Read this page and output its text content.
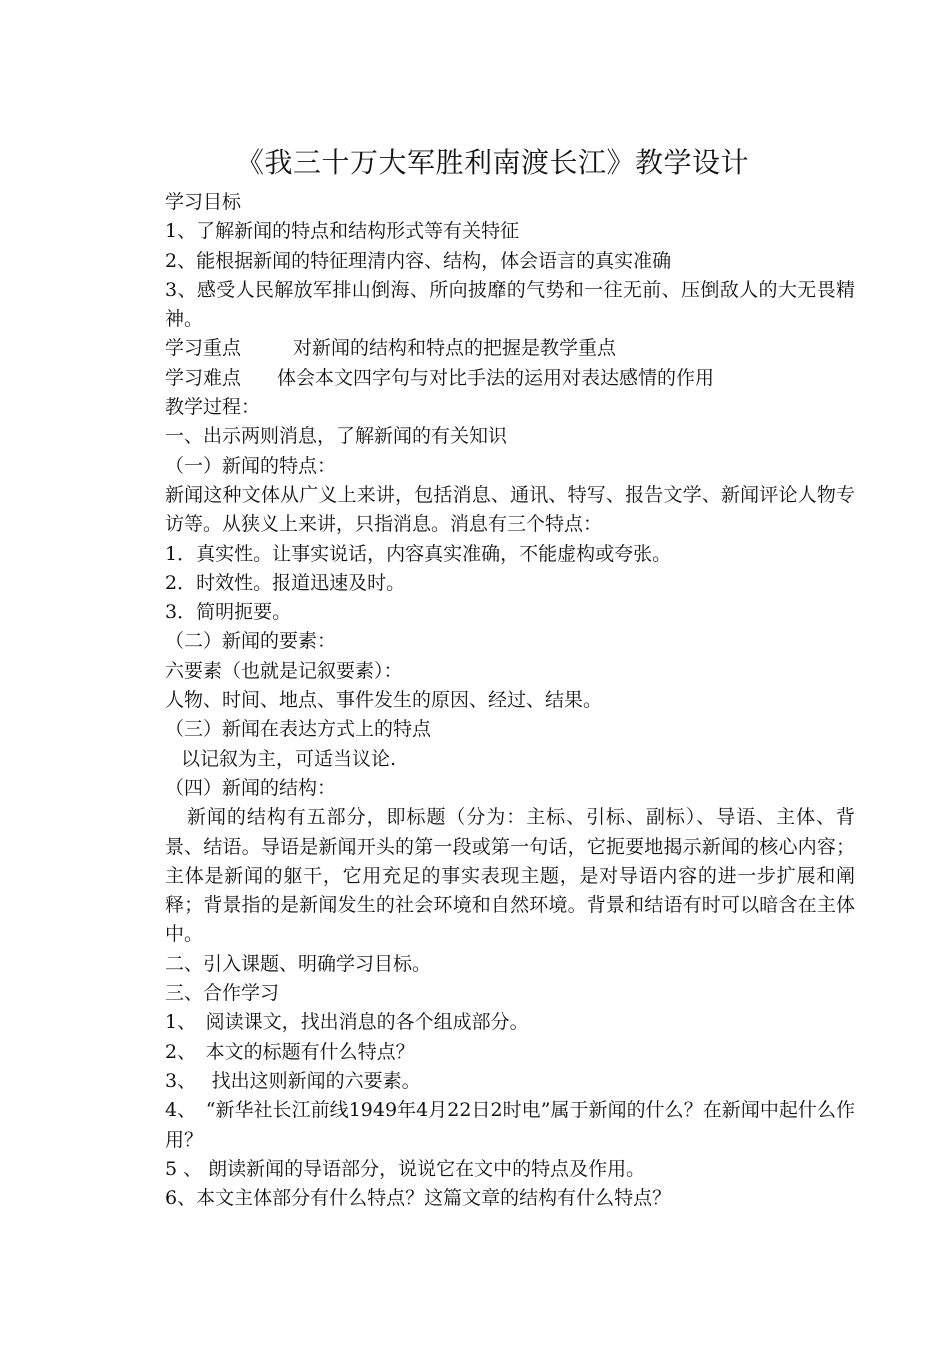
《我三十万大军胜利南渡长江》教学设计
学习目标
1、了解新闻的特点和结构形式等有关特征
2、能根据新闻的特征理清内容、结构，体会语言的真实准确
3、感受人民解放军排山倒海、所向披靡的气势和一往无前、压倒敌人的大无畏精神。
学习重点	对新闻的结构和特点的把握是教学重点
学习难点 体会本文四字句与对比手法的运用对表达感情的作用
教学过程：
一、出示两则消息，了解新闻的有关知识
（一）新闻的特点：
新闻这种文体从广义上来讲，包括消息、通讯、特写、报告文学、新闻评论人物专访等。从狭义上来讲，只指消息。消息有三个特点：
1．真实性。让事实说话，内容真实准确，不能虚构或夸张。
2．时效性。报道迅速及时。
3．简明扼要。
（二）新闻的要素：
六要素（也就是记叙要素）：
人物、时间、地点、事件发生的原因、经过、结果。
（三）新闻在表达方式上的特点
以记叙为主，可适当议论.
（四）新闻的结构：
新闻的结构有五部分，即标题（分为：主标、引标、副标）、导语、主体、背景、结语。导语是新闻开头的第一段或第一句话，它扼要地揭示新闻的核心内容；主体是新闻的躯干，它用充足的事实表现主题，是对导语内容的进一步扩展和阐释；背景指的是新闻发生的社会环境和自然环境。背景和结语有时可以暗含在主体中。
二、引入课题、明确学习目标。
三、合作学习
1、　阅读课文，找出消息的各个组成部分。
2、　本文的标题有什么特点？
3、　 找出这则新闻的六要素。
4、　“新华社长江前线1949年4月22日2时电”属于新闻的什么？在新闻中起什么作用？
5 、 朗读新闻的导语部分，说说它在文中的特点及作用。
6、本文主体部分有什么特点？这篇文章的结构有什么特点？
